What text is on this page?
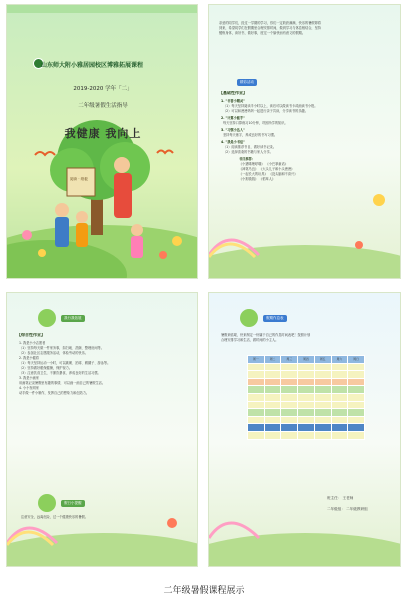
山东师大附小雅居园校区博雅拓展课程
2019-2020 学年「二」
二年级暑假生活指导
我健康 我向上
阅读 · 纸板
亲爱的同学们，经过一学期的学习，你们一定收获满满，快乐的暑假即将
到来，希望同学们在假期里合理安排时间，做到学习与休息相结合，坚持
锻炼身体，读好书，做好事，度过一个愉快而有意义的假期。
精彩活动
【基础性作业】
1. "书香小精灵"
（1）每天坚持阅读半小时以上，读后可以做读书卡或画读书小报。
（2）可以和爸爸妈妈一起进行亲子共读，分享读书的乐趣。
2. "计算小能手"
每天坚持口算练习10分钟，巩固所学的知识。
3. "习惯小达人"
坚持每天练字，养成良好的书写习惯。
4. "我是小书法"
（1）阅读推荐书目，做好读书记录。
（2）选择喜欢的书籍与家人分享。
书目推荐：
《小猪唏哩呼噜》 《小巴掌童话》
《神笔马良》 《大头儿子和小头爸爸》
《一起长大的玩具》 《没头脑和不高兴》
《小狗钱钱》 《稻草人》
我行我拓展
【综合性作业】
1. 我是小小志愿者
（1）坚持每天做一件家务事，如扫地、洗碗、整理房间等。
（2）参加社区志愿服务活动，体验劳动的快乐。
2. 我是小健将
（1）每天坚持运动一小时，可以跳绳、拍球、踢毽子、游泳等。
（2）坚持做好眼保健操，保护视力。
（3）注意饮食卫生，不暴饮暴食，养成良好的生活习惯。
3. 我是小画家
用画笔记录暑假里有趣的事情，可以画一画自己的暑假生活。
4. 小小发明家
动手做一件小制作，发挥自己的想象力和创造力。
假日小提醒
注意安全，远离危险，过一个健康快乐的暑假。
假期作息表
暑假来临啦，快来制定一份属于自己的作息时间表吧！按照计划
合理安排学习和生活，做时间的小主人。
周一	周二	周三	周四	周五	周六	周日

班主任： 王老师
二年级组： 二年级教研组
二年级暑假课程展示
